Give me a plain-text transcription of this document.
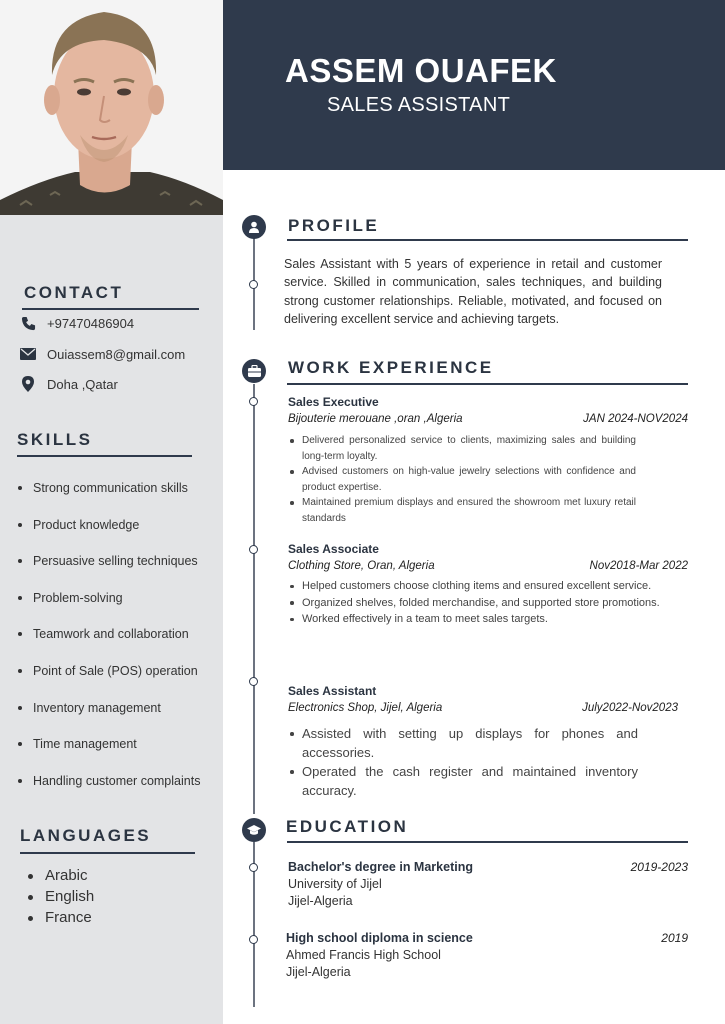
CONTACT
+97470486904
Ouiassem8@gmail.com
Doha ,Qatar
SKILLS
Strong communication skills
Product knowledge
Persuasive selling techniques
Problem-solving
Teamwork and collaboration
Point of Sale (POS) operation
Inventory management
Time management
Handling customer complaints
LANGUAGES
Arabic
English
France
ASSEM OUAFEK
SALES ASSISTANT
PROFILE
Sales Assistant with 5 years of experience in retail and customer service. Skilled in communication, sales techniques, and building strong customer relationships. Reliable, motivated, and focused on delivering excellent service and achieving targets.
WORK EXPERIENCE
Sales Executive
Bijouterie merouane ,oran ,Algeria	JAN 2024-NOV2024
Delivered personalized service to clients, maximizing sales and building long-term loyalty.
Advised customers on high-value jewelry selections with confidence and product expertise.
Maintained premium displays and ensured the showroom met luxury retail standards
Sales Associate
Clothing Store, Oran, Algeria	Nov2018-Mar 2022
Helped customers choose clothing items and ensured excellent service.
Organized shelves, folded merchandise, and supported store promotions.
Worked effectively in a team to meet sales targets.
Sales Assistant
Electronics Shop, Jijel, Algeria	July2022-Nov2023
Assisted with setting up displays for phones and accessories.
Operated the cash register and maintained inventory accuracy.
EDUCATION
Bachelor's degree in Marketing	2019-2023
University of Jijel
Jijel-Algeria
High school diploma in science	2019
Ahmed Francis High School
Jijel-Algeria
